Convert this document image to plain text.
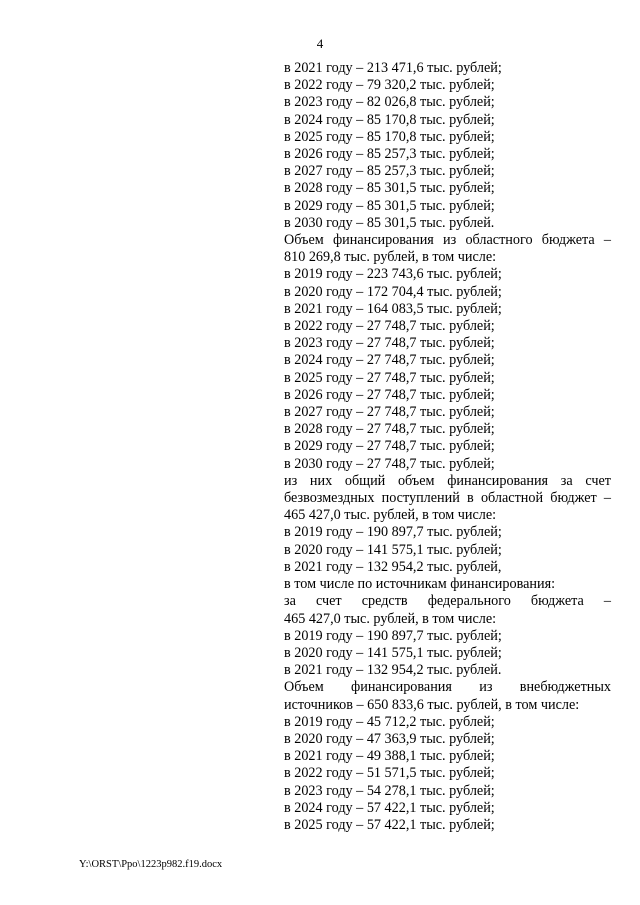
4
в 2021 году – 213 471,6 тыс. рублей;
в 2022 году – 79 320,2 тыс. рублей;
в 2023 году – 82 026,8 тыс. рублей;
в 2024 году – 85 170,8 тыс. рублей;
в 2025 году – 85 170,8 тыс. рублей;
в 2026 году – 85 257,3 тыс. рублей;
в 2027 году – 85 257,3 тыс. рублей;
в 2028 году – 85 301,5 тыс. рублей;
в 2029 году – 85 301,5 тыс. рублей;
в 2030 году – 85 301,5 тыс. рублей.
Объем финансирования из областного бюджета –
810 269,8 тыс. рублей, в том числе:
в 2019 году – 223 743,6 тыс. рублей;
в 2020 году – 172 704,4 тыс. рублей;
в 2021 году – 164 083,5 тыс. рублей;
в 2022 году – 27 748,7 тыс. рублей;
в 2023 году – 27 748,7 тыс. рублей;
в 2024 году – 27 748,7 тыс. рублей;
в 2025 году – 27 748,7 тыс. рублей;
в 2026 году – 27 748,7 тыс. рублей;
в 2027 году – 27 748,7 тыс. рублей;
в 2028 году – 27 748,7 тыс. рублей;
в 2029 году – 27 748,7 тыс. рублей;
в 2030 году – 27 748,7 тыс. рублей;
из них общий объем финансирования за счет
безвозмездных поступлений в областной бюджет –
465 427,0 тыс. рублей, в том числе:
в 2019 году – 190 897,7 тыс. рублей;
в 2020 году – 141 575,1 тыс. рублей;
в 2021 году – 132 954,2 тыс. рублей,
в том числе по источникам финансирования:
за счет средств федерального бюджета –
465 427,0 тыс. рублей, в том числе:
в 2019 году – 190 897,7 тыс. рублей;
в 2020 году – 141 575,1 тыс. рублей;
в 2021 году – 132 954,2 тыс. рублей.
Объем финансирования из внебюджетных
источников – 650 833,6 тыс. рублей, в том числе:
в 2019 году – 45 712,2 тыс. рублей;
в 2020 году – 47 363,9 тыс. рублей;
в 2021 году – 49 388,1 тыс. рублей;
в 2022 году – 51 571,5 тыс. рублей;
в 2023 году – 54 278,1 тыс. рублей;
в 2024 году – 57 422,1 тыс. рублей;
в 2025 году – 57 422,1 тыс. рублей;
Y:\ORST\Ppo\1223p982.f19.docx
